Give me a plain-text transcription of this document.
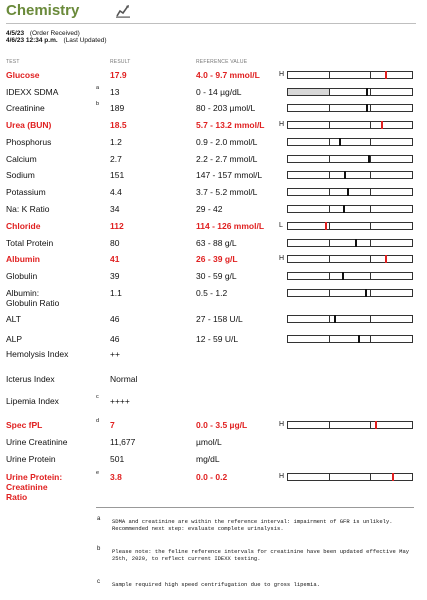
Chemistry
4/5/23 (Order Received)
4/6/23 12:34 p.m. (Last Updated)
TEST	RESULT	REFERENCE VALUE
Glucose	17.9	4.0 - 9.7 mmol/L	H
IDEXX SDMA	a 13	0 - 14 µg/dL
Creatinine	b 189	80 - 203 µmol/L
Urea (BUN)	18.5	5.7 - 13.2 mmol/L H
Phosphorus	1.2	0.9 - 2.0 mmol/L
Calcium	2.7	2.2 - 2.7 mmol/L
Sodium	151	147 - 157 mmol/L
Potassium	4.4	3.7 - 5.2 mmol/L
Na: K Ratio	34	29 - 42
Chloride	112	114 - 126 mmol/L L
Total Protein	80	63 - 88 g/L
Albumin	41	26 - 39 g/L	H
Globulin	39	30 - 59 g/L
Albumin:
Globulin Ratio
1.1	0.5 - 1.2
ALT	46	27 - 158 U/L
ALP	46	12 - 59 U/L
Hemolysis Index	++
Icterus Index	Normal
Lipemia Index	c ++++
Spec fPL	d 7	0.0 - 3.5 µg/L	H
Urine Creatinine	11,677	µmol/L
Urine Protein	501	mg/dL
Urine Protein:
Creatinine
Ratio
e 3.8	0.0 - 0.2	H
a SDMA and creatinine are within the reference interval: impairment of GFR is unlikely. Recommended next step: evaluate complete urinalysis.
b Please note: the feline reference intervals for creatinine have been updated effective May 25th, 2020, to reflect current IDEXX testing.
c Sample required high speed centrifugation due to gross lipemia.
